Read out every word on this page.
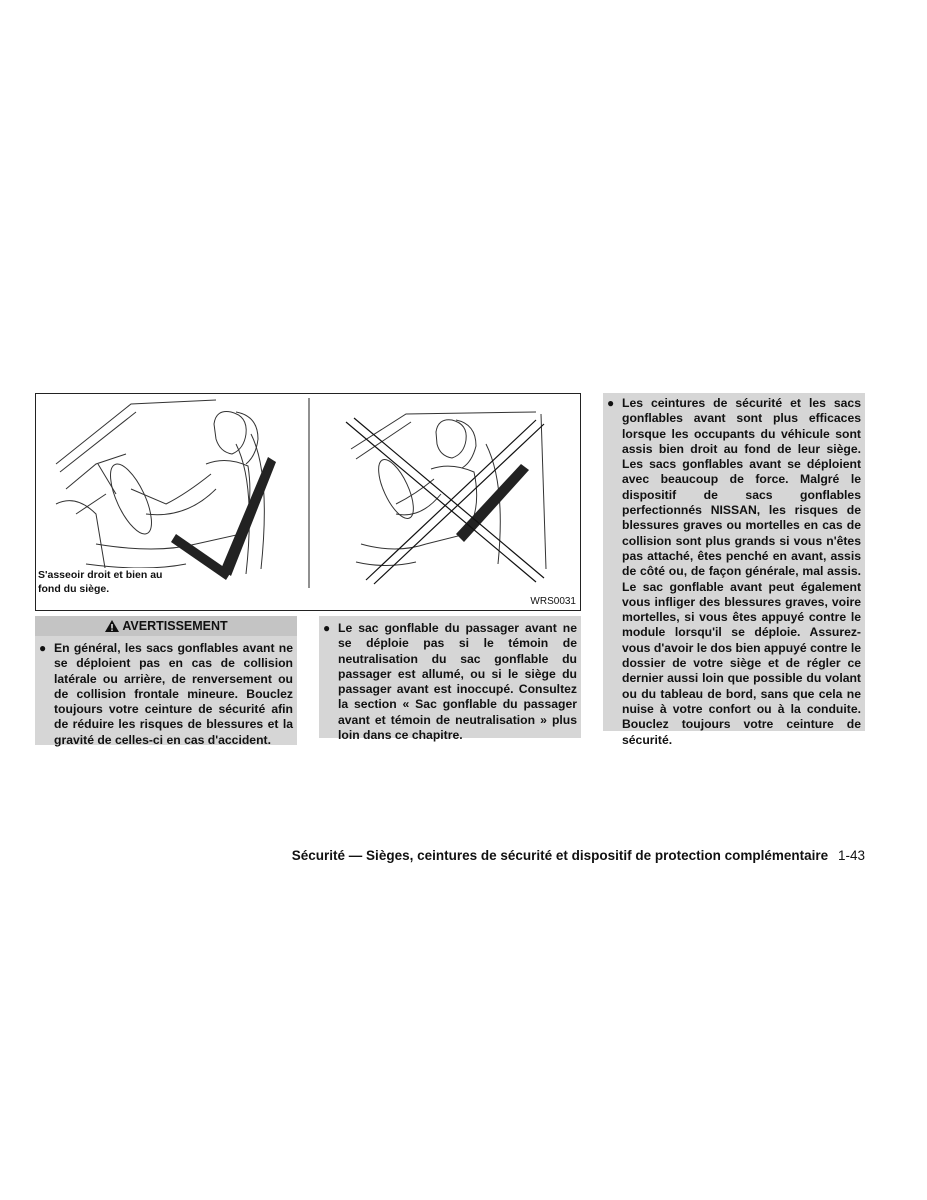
S'asseoir droit et bien au fond du siège.
WRS0031
AVERTISSEMENT
● En général, les sacs gonflables avant ne se déploient pas en cas de collision latérale ou arrière, de renversement ou de collision frontale mineure. Bouclez toujours votre ceinture de sécurité afin de réduire les risques de blessures et la gravité de celles-ci en cas d'accident.
● Le sac gonflable du passager avant ne se déploie pas si le témoin de neutralisation du sac gonflable du passager est allumé, ou si le siège du passager avant est inoccupé. Consultez la section « Sac gonflable du passager avant et témoin de neutralisation » plus loin dans ce chapitre.
● Les ceintures de sécurité et les sacs gonflables avant sont plus efficaces lorsque les occupants du véhicule sont assis bien droit au fond de leur siège. Les sacs gonflables avant se déploient avec beaucoup de force. Malgré le dispositif de sacs gonflables perfectionnés NISSAN, les risques de blessures graves ou mortelles en cas de collision sont plus grands si vous n'êtes pas attaché, êtes penché en avant, assis de côté ou, de façon générale, mal assis. Le sac gonflable avant peut également vous infliger des blessures graves, voire mortelles, si vous êtes appuyé contre le module lorsqu'il se déploie. Assurez-vous d'avoir le dos bien appuyé contre le dossier de votre siège et de régler ce dernier aussi loin que possible du volant ou du tableau de bord, sans que cela ne nuise à votre confort ou à la conduite. Bouclez toujours votre ceinture de sécurité.
Sécurité — Sièges, ceintures de sécurité et dispositif de protection complémentaire 1-43
